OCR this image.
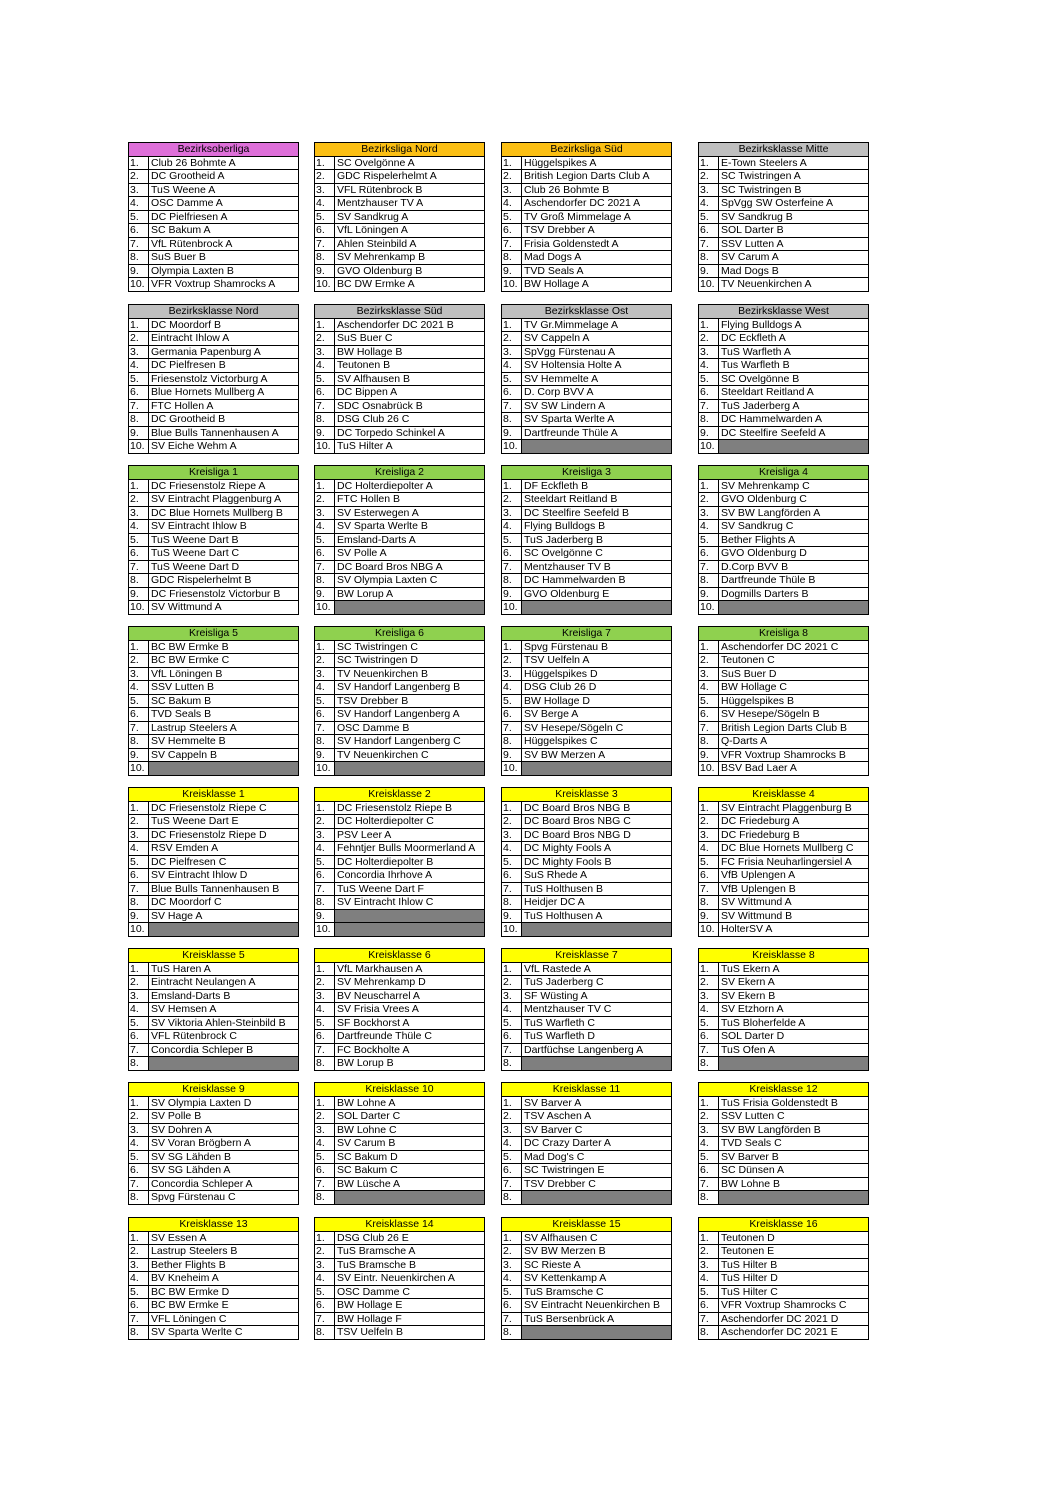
Bezirksoberliga	
1.	Club 26 Bohmte A
2.	DC Grootheid A
3.	TuS Weene A
4.	OSC Damme A
5.	DC Pielfriesen A
6.	SC Bakum A
7.	VfL Rütenbrock A
8.	SuS Buer B
9.	Olympia Laxten B
10.	VFR Voxtrup Shamrocks A
Bezirksliga Nord	
1.	SC Ovelgönne A
2.	GDC Rispelerhelmt A
3.	VFL Rütenbrock B
4.	Mentzhauser TV A
5.	SV Sandkrug A
6.	VfL Löningen A
7.	Ahlen Steinbild A
8.	SV Mehrenkamp B
9.	GVO Oldenburg B
10.	BC DW Ermke A
Bezirksliga Süd	
1.	Hüggelspikes A
2.	British Legion Darts Club A
3.	Club 26 Bohmte B
4.	Aschendorfer DC 2021 A
5.	TV Groß Mimmelage A
6.	TSV Drebber A
7.	Frisia Goldenstedt A
8.	Mad Dogs A
9.	TVD Seals A
10.	BW Hollage A
Bezirksklasse Mitte	
1.	E-Town Steelers A
2.	SC Twistringen A
3.	SC Twistringen B
4.	SpVgg SW Osterfeine A
5.	SV Sandkrug B
6.	SOL Darter B
7.	SSV Lutten A
8.	SV Carum A
9.	Mad Dogs B
10.	TV Neuenkirchen A
Bezirksklasse Nord	
1.	DC Moordorf B
2.	Eintracht Ihlow A
3.	Germania Papenburg A
4.	DC Pielfresen B
5.	Friesenstolz Victorburg A
6.	Blue Hornets Mullberg A
7.	FTC Hollen A
8.	DC Grootheid B
9.	Blue Bulls Tannenhausen A
10.	SV Eiche Wehm A
Bezirksklasse Süd	
1.	Aschendorfer DC 2021 B
2.	SuS Buer C
3.	BW Hollage B
4.	Teutonen B
5.	SV Alfhausen B
6.	DC Bippen A
7.	SDC Osnabrück B
8.	DSG Club 26 C
9.	DC Torpedo Schinkel A
10.	TuS Hilter A
Bezirksklasse Ost	
1.	TV Gr.Mimmelage A
2.	SV Cappeln A
3.	SpVgg Fürstenau A
4.	SV Holtensia Holte A
5.	SV Hemmelte A
6.	D. Corp BVV A
7.	SV SW Lindern A
8.	SV Sparta Werlte A
9.	Dartfreunde Thüle A
10.	
Bezirksklasse West	
1.	Flying Bulldogs A
2.	DC Eckfleth A
3.	TuS Warfleth A
4.	Tus Warfleth B
5.	SC Ovelgönne B
6.	Steeldart Reitland A
7.	TuS Jaderberg A
8.	DC Hammelwarden A
9.	DC Steelfire Seefeld A
10.	
Kreisliga 1	
1.	DC Friesenstolz Riepe A
2.	SV Eintracht Plaggenburg A
3.	DC Blue Hornets Mullberg B
4.	SV Eintracht Ihlow B
5.	TuS Weene Dart B
6.	TuS Weene Dart C
7.	TuS Weene Dart D
8.	GDC Rispelerhelmt B
9.	DC Friesenstolz Victorbur B
10.	SV Wittmund A
Kreisliga 2	
1.	DC Holterdiepolter A
2.	FTC Hollen B
3.	SV Esterwegen A
4.	SV Sparta Werlte B
5.	Emsland-Darts A
6.	SV Polle A
7.	DC Board Bros NBG A
8.	SV Olympia Laxten C
9.	BW Lorup A
10.	
Kreisliga 3	
1.	DF Eckfleth B
2.	Steeldart Reitland B
3.	DC Steelfire Seefeld B
4.	Flying Bulldogs B
5.	TuS Jaderberg B
6.	SC Ovelgönne C
7.	Mentzhauser TV B
8.	DC Hammelwarden B
9.	GVO Oldenburg E
10.	
Kreisliga 4	
1.	SV Mehrenkamp C
2.	GVO Oldenburg C
3.	SV BW Langförden A
4.	SV Sandkrug C
5.	Bether Flights A
6.	GVO Oldenburg D
7.	D.Corp BVV B
8.	Dartfreunde Thüle B
9.	Dogmills Darters B
10.	
Kreisliga 5	
1.	BC BW Ermke B
2.	BC BW Ermke C
3.	VfL Löningen B
4.	SSV Lutten B
5.	SC Bakum B
6.	TVD Seals B
7.	Lastrup Steelers A
8.	SV Hemmelte B
9.	SV Cappeln B
10.	
Kreisliga 6	
1.	SC Twistringen C
2.	SC Twistringen D
3.	TV Neuenkirchen B
4.	SV Handorf Langenberg B
5.	TSV Drebber B
6.	SV Handorf Langenberg A
7.	OSC Damme B
8.	SV Handorf Langenberg C
9.	TV Neuenkirchen C
10.	
Kreisliga 7	
1.	Spvg Fürstenau B
2.	TSV Uelfeln A
3.	Hüggelspikes D
4.	DSG Club 26 D
5.	BW Hollage D
6.	SV Berge A
7.	SV Hesepe/Sögeln C
8.	Hüggelspikes C
9.	SV BW Merzen A
10.	
Kreisliga 8	
1.	Aschendorfer DC 2021 C
2.	Teutonen C
3.	SuS Buer D
4.	BW Hollage C
5.	Hüggelspikes B
6.	SV Hesepe/Sögeln B
7.	British Legion Darts Club B
8.	Q-Darts A
9.	VFR Voxtrup Shamrocks B
10.	BSV Bad Laer A
Kreisklasse 1	
1.	DC Friesenstolz Riepe C
2.	TuS Weene Dart E
3.	DC Friesenstolz Riepe D
4.	RSV Emden A
5.	DC Pielfresen C
6.	SV Eintracht Ihlow D
7.	Blue Bulls Tannenhausen B
8.	DC Moordorf C
9.	SV Hage A
10.	
Kreisklasse 2	
1.	DC Friesenstolz Riepe B
2.	DC Holterdiepolter C
3.	PSV Leer A
4.	Fehntjer Bulls Moormerland A
5.	DC Holterdiepolter B
6.	Concordia Ihrhove A
7.	TuS Weene Dart F
8.	SV Eintracht Ihlow C
9.	
10.	
Kreisklasse 3	
1.	DC Board Bros NBG B
2.	DC Board Bros NBG C
3.	DC Board Bros NBG D
4.	DC Mighty Fools A
5.	DC Mighty Fools B
6.	SuS Rhede A
7.	TuS Holthusen B
8.	Heidjer DC A
9.	TuS Holthusen A
10.	
Kreisklasse 4	
1.	SV Eintracht Plaggenburg B
2.	DC Friedeburg A
3.	DC Friedeburg B
4.	DC Blue Hornets Mullberg C
5.	FC Frisia Neuharlingersiel A
6.	VfB Uplengen A
7.	VfB Uplengen B
8.	SV Wittmund A
9.	SV Wittmund B
10.	HolterSV A
Kreisklasse 5	
1.	TuS Haren A
2.	Eintracht Neulangen A
3.	Emsland-Darts B
4.	SV Hemsen A
5.	SV Viktoria Ahlen-Steinbild B
6.	VFL Rütenbrock C
7.	Concordia Schleper B
8.	
Kreisklasse 6	
1.	VfL Markhausen A
2.	SV Mehrenkamp D
3.	BV Neuscharrel A
4.	SV Frisia Vrees A
5.	SF Bockhorst A
6.	Dartfreunde Thüle C
7.	FC Bockholte A
8.	BW Lorup B
Kreisklasse 7	
1.	VfL Rastede A
2.	TuS Jaderberg C
3.	SF Wüsting A
4.	Mentzhauser TV C
5.	TuS Warfleth C
6.	TuS Warfleth D
7.	Dartfüchse Langenberg A
8.	
Kreisklasse 8	
1.	TuS Ekern A
2.	SV Ekern A
3.	SV Ekern B
4.	SV Etzhorn A
5.	TuS Bloherfelde A
6.	SOL Darter D
7.	TuS Ofen A
8.	
Kreisklasse 9	
1.	SV Olympia Laxten D
2.	SV Polle B
3.	SV Dohren A
4.	SV Voran Brögbern A
5.	SV SG Lähden B
6.	SV SG Lähden A
7.	Concordia Schleper A
8.	Spvg Fürstenau C
Kreisklasse 10	
1.	BW Lohne A
2.	SOL Darter C
3.	BW Lohne C
4.	SV Carum B
5.	SC Bakum D
6.	SC Bakum C
7.	BW Lüsche A
8.	
Kreisklasse 11	
1.	SV Barver A
2.	TSV Aschen A
3.	SV Barver C
4.	DC Crazy Darter A
5.	Mad Dog's C
6.	SC Twistringen E
7.	TSV Drebber C
8.	
Kreisklasse 12	
1.	TuS Frisia Goldenstedt B
2.	SSV Lutten C
3.	SV BW Langförden B
4.	TVD Seals C
5.	SV Barver B
6.	SC Dünsen A
7.	BW Lohne B
8.	
Kreisklasse 13	
1.	SV Essen A
2.	Lastrup Steelers B
3.	Bether Flights B
4.	BV Kneheim A
5.	BC BW Ermke D
6.	BC BW Ermke E
7.	VFL Löningen C
8.	SV Sparta Werlte C
Kreisklasse 14	
1.	DSG Club 26 E
2.	TuS Bramsche A
3.	TuS Bramsche B
4.	SV Eintr. Neuenkirchen A
5.	OSC Damme C
6.	BW Hollage E
7.	BW Hollage F
8.	TSV Uelfeln B
Kreisklasse 15	
1.	SV Alfhausen C
2.	SV BW Merzen B
3.	SC Rieste A
4.	SV Kettenkamp A
5.	TuS Bramsche C
6.	SV Eintracht Neuenkirchen B
7.	TuS Bersenbrück A
8.	
Kreisklasse 16	
1.	Teutonen D
2.	Teutonen E
3.	TuS Hilter B
4.	TuS Hilter D
5.	TuS Hilter C
6.	VFR Voxtrup Shamrocks C
7.	Aschendorfer DC 2021 D
8.	Aschendorfer DC 2021 E
